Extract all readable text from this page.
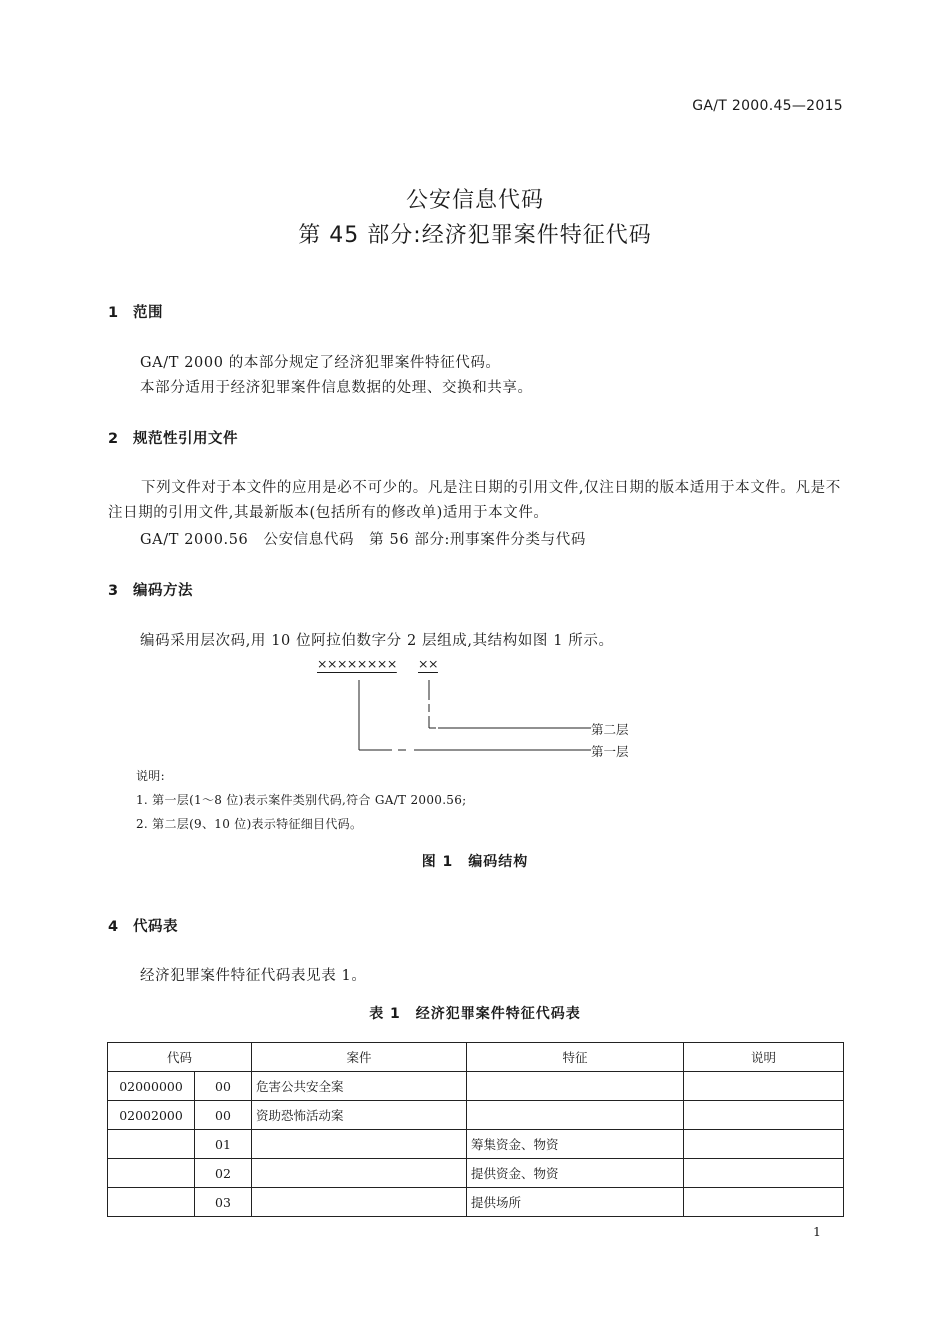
GA/T 2000.45—2015
公安信息代码
第 45 部分:经济犯罪案件特征代码
1 范围
GA/T 2000 的本部分规定了经济犯罪案件特征代码。
本部分适用于经济犯罪案件信息数据的处理、交换和共享。
2 规范性引用文件
下列文件对于本文件的应用是必不可少的。凡是注日期的引用文件,仅注日期的版本适用于本文件。凡是不注日期的引用文件,其最新版本(包括所有的修改单)适用于本文件。
GA/T 2000.56　公安信息代码　第 56 部分:刑事案件分类与代码
3 编码方法
编码采用层次码,用 10 位阿拉伯数字分 2 层组成,其结构如图 1 所示。
×××××××× ××
第二层
第一层
说明:
1. 第一层(1～8 位)表示案件类别代码,符合 GA/T 2000.56;
2. 第二层(9、10 位)表示特征细目代码。
图 1　编码结构
4 代码表
经济犯罪案件特征代码表见表 1。
表 1　经济犯罪案件特征代码表
代码		案件	特征	说明
02000000	00	危害公共安全案		
02002000	00	资助恐怖活动案		
	01		筹集资金、物资	
	02		提供资金、物资	
	03		提供场所	
1
